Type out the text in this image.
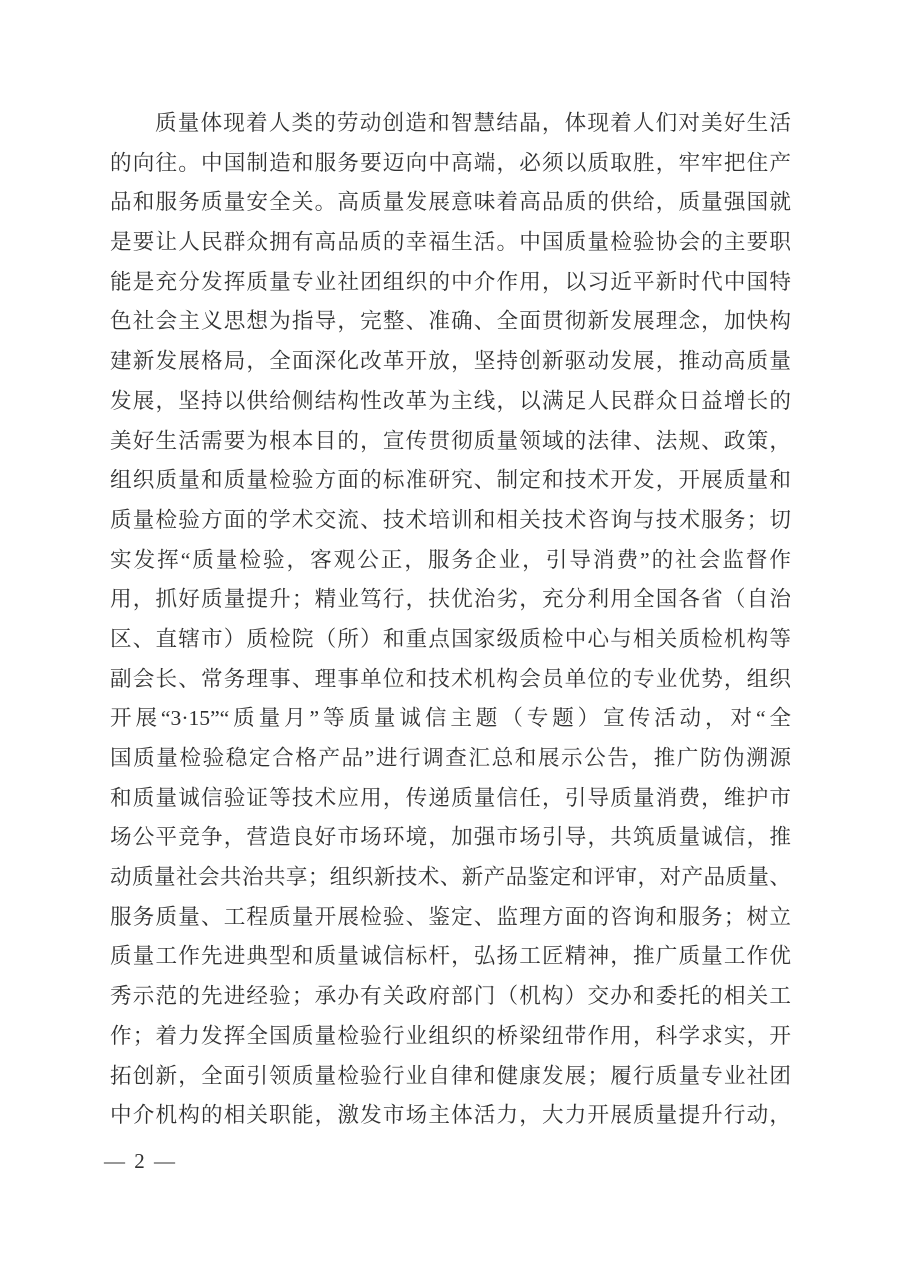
质量体现着人类的劳动创造和智慧结晶，体现着人们对美好生活
的向往。中国制造和服务要迈向中高端，必须以质取胜，牢牢把住产
品和服务质量安全关。高质量发展意味着高品质的供给，质量强国就
是要让人民群众拥有高品质的幸福生活。中国质量检验协会的主要职
能是充分发挥质量专业社团组织的中介作用，以习近平新时代中国特
色社会主义思想为指导，完整、准确、全面贯彻新发展理念，加快构
建新发展格局，全面深化改革开放，坚持创新驱动发展，推动高质量
发展，坚持以供给侧结构性改革为主线，以满足人民群众日益增长的
美好生活需要为根本目的，宣传贯彻质量领域的法律、法规、政策，
组织质量和质量检验方面的标准研究、制定和技术开发，开展质量和
质量检验方面的学术交流、技术培训和相关技术咨询与技术服务；切
实发挥“质量检验，客观公正，服务企业，引导消费”的社会监督作
用，抓好质量提升；精业笃行，扶优治劣，充分利用全国各省（自治
区、直辖市）质检院（所）和重点国家级质检中心与相关质检机构等
副会长、常务理事、理事单位和技术机构会员单位的专业优势，组织
开展“3·15”“质量月”等质量诚信主题（专题）宣传活动，对“全
国质量检验稳定合格产品”进行调查汇总和展示公告，推广防伪溯源
和质量诚信验证等技术应用，传递质量信任，引导质量消费，维护市
场公平竞争，营造良好市场环境，加强市场引导，共筑质量诚信，推
动质量社会共治共享；组织新技术、新产品鉴定和评审，对产品质量、
服务质量、工程质量开展检验、鉴定、监理方面的咨询和服务；树立
质量工作先进典型和质量诚信标杆，弘扬工匠精神，推广质量工作优
秀示范的先进经验；承办有关政府部门（机构）交办和委托的相关工
作；着力发挥全国质量检验行业组织的桥梁纽带作用，科学求实，开
拓创新，全面引领质量检验行业自律和健康发展；履行质量专业社团
中介机构的相关职能，激发市场主体活力，大力开展质量提升行动，
— 2 —
